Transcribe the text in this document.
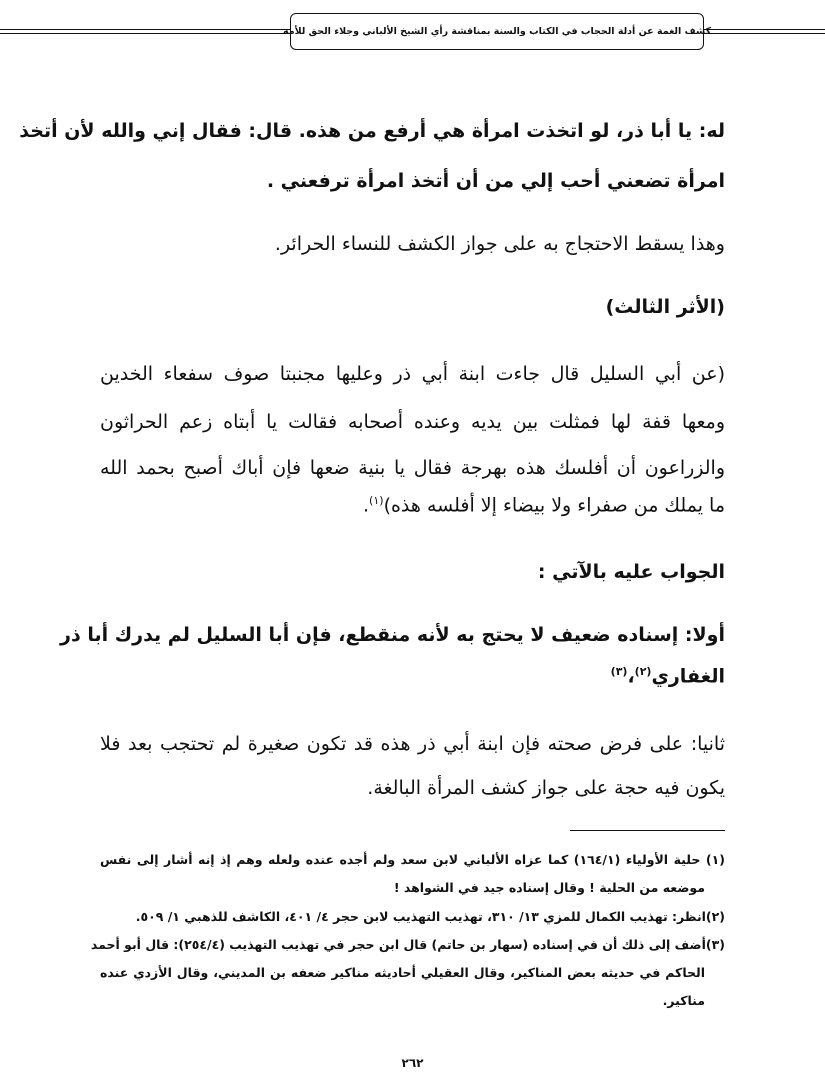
كشف الغمة عن أدلة الحجاب في الكتاب والسنة بمناقشة رأي الشيخ الألباني وجلاء الحق للأمة
له: يا أبا ذر، لو اتخذت امرأة هي أرفع من هذه. قال: فقال إني والله لأن أتخذ
امرأة تضعني أحب إلي من أن أتخذ امرأة ترفعني .
وهذا يسقط الاحتجاج به على جواز الكشف للنساء الحرائر.
(الأثر الثالث)
(عن أبي السليل قال جاءت ابنة أبي ذر وعليها مجنبتا صوف سفعاء الخدين
ومعها قفة لها فمثلت بين يديه وعنده أصحابه فقالت يا أبتاه زعم الحراثون
والزراعون أن أفلسك هذه بهرجة فقال يا بنية ضعها فإن أباك أصبح بحمد الله
ما يملك من صفراء ولا بيضاء إلا أفلسه هذه)$^{(١)}$.
الجواب عليه بالآتي :
أولا: إسناده ضعيف لا يحتج به لأنه منقطع، فإن أبا السليل لم يدرك أبا ذر
الغفاري$^{(٢)}$،$^{(٣)}$
ثانيا: على فرض صحته فإن ابنة أبي ذر هذه قد تكون صغيرة لم تحتجب بعد فلا
يكون فيه حجة على جواز كشف المرأة البالغة.
(١) حلية الأولياء (١٦٤/١) كما عزاه الألباني لابن سعد ولم أجده عنده ولعله وهم إذ إنه أشار إلى نفس
موضعه من الحلية ! وقال إسناده جيد في الشواهد !
(٢)انظر: تهذيب الكمال للمزي ١٣/ ٣١٠، تهذيب التهذيب لابن حجر ٤/ ٤٠١، الكاشف للذهبي ١/ ٥٠٩.
(٣)أضف إلى ذلك أن في إسناده (سهار بن حاتم) قال ابن حجر في تهذيب التهذيب (٢٥٤/٤): قال أبو أحمد
الحاكم في حديثه بعض المناكير، وقال العقيلي أحاديثه مناكير ضعفه بن المديني، وقال الأزدي عنده
مناكير.
٢٦٢
